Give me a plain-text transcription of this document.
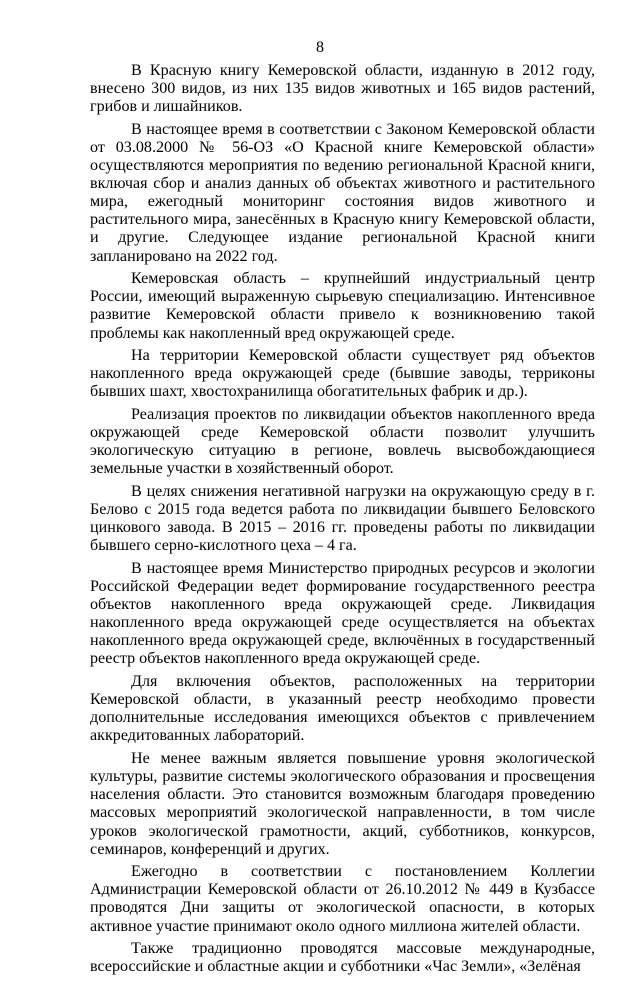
8

В Красную книгу Кемеровской области, изданную в 2012 году, внесено 300 видов, из них 135 видов животных и 165 видов растений, грибов и лишайников.

В настоящее время в соответствии с Законом Кемеровской области от 03.08.2000 № 56-ОЗ «О Красной книге Кемеровской области» осуществляются мероприятия по ведению региональной Красной книги, включая сбор и анализ данных об объектах животного и растительного мира, ежегодный мониторинг состояния видов животного и растительного мира, занесённых в Красную книгу Кемеровской области, и другие. Следующее издание региональной Красной книги запланировано на 2022 год.

Кемеровская область – крупнейший индустриальный центр России, имеющий выраженную сырьевую специализацию. Интенсивное развитие Кемеровской области привело к возникновению такой проблемы как накопленный вред окружающей среде.

На территории Кемеровской области существует ряд объектов накопленного вреда окружающей среде (бывшие заводы, терриконы бывших шахт, хвостохранилища обогатительных фабрик и др.).

Реализация проектов по ликвидации объектов накопленного вреда окружающей среде Кемеровской области позволит улучшить экологическую ситуацию в регионе, вовлечь высвобождающиеся земельные участки в хозяйственный оборот.

В целях снижения негативной нагрузки на окружающую среду в г. Белово с 2015 года ведется работа по ликвидации бывшего Беловского цинкового завода. В 2015 – 2016 гг. проведены работы по ликвидации бывшего серно-кислотного цеха – 4 га.

В настоящее время Министерство природных ресурсов и экологии Российской Федерации ведет формирование государственного реестра объектов накопленного вреда окружающей среде. Ликвидация накопленного вреда окружающей среде осуществляется на объектах накопленного вреда окружающей среде, включённых в государственный реестр объектов накопленного вреда окружающей среде.

Для включения объектов, расположенных на территории Кемеровской области, в указанный реестр необходимо провести дополнительные исследования имеющихся объектов с привлечением аккредитованных лабораторий.

Не менее важным является повышение уровня экологической культуры, развитие системы экологического образования и просвещения населения области. Это становится возможным благодаря проведению массовых мероприятий экологической направленности, в том числе уроков экологической грамотности, акций, субботников, конкурсов, семинаров, конференций и других.

Ежегодно в соответствии с постановлением Коллегии Администрации Кемеровской области от 26.10.2012 № 449 в Кузбассе проводятся Дни защиты от экологической опасности, в которых активное участие принимают около одного миллиона жителей области.

Также традиционно проводятся массовые международные, всероссийские и областные акции и субботники «Час Земли», «Зелёная
